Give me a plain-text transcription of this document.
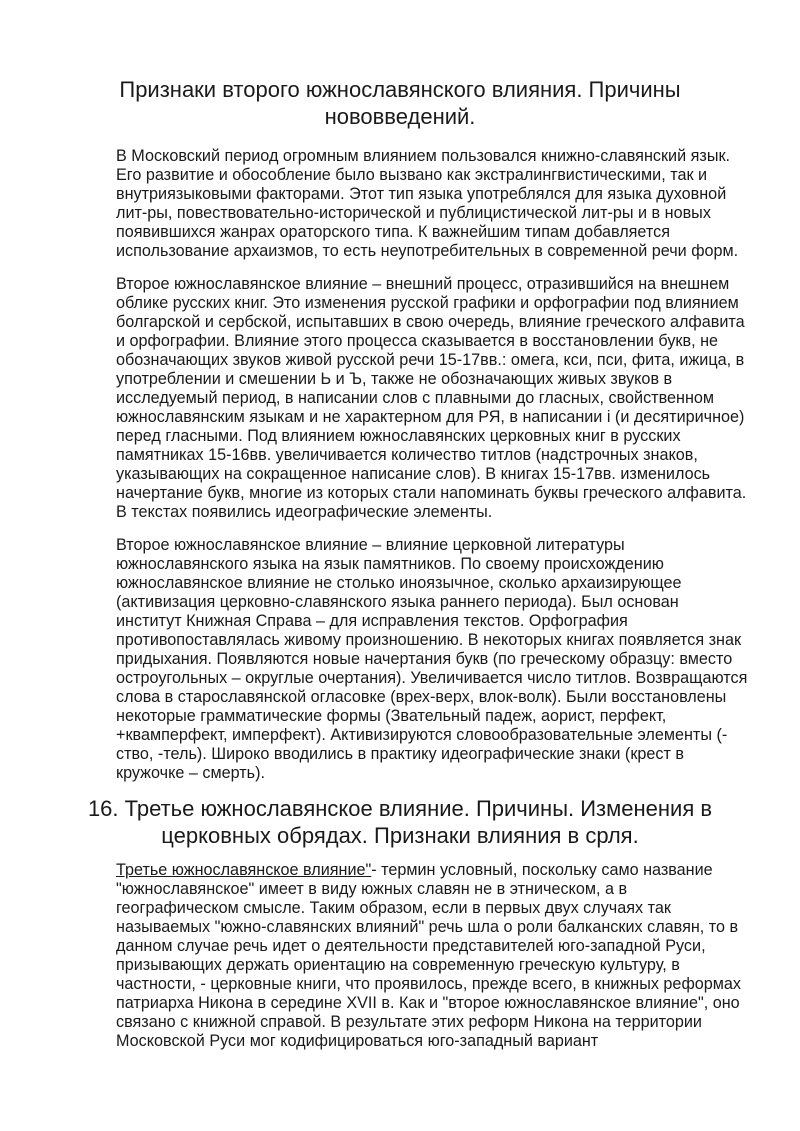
Признаки второго южнославянского влияния. Причины нововведений.

В Московский период огромным влиянием пользовался книжно-славянский язык. Его развитие и обособление было вызвано как экстралингвистическими, так и внутриязыковыми факторами. Этот тип языка употреблялся для языка духовной лит-ры, повествовательно-исторической и публицистической лит-ры и в новых появившихся жанрах ораторского типа. К важнейшим типам добавляется использование архаизмов, то есть неупотребительных в современной речи форм.

Второе южнославянское влияние – внешний процесс, отразившийся на внешнем облике русских книг. Это изменения русской графики и орфографии под влиянием болгарской и сербской, испытавших в свою очередь, влияние греческого алфавита и орфографии. Влияние этого процесса сказывается в восстановлении букв, не обозначающих звуков живой русской речи 15-17вв.: омега, кси, пси, фита, ижица, в употреблении и смешении Ь и Ъ, также не обозначающих живых звуков в исследуемый период, в написании слов с плавными до гласных, свойственном южнославянским языкам и не характерном для РЯ, в написании i (и десятиричное) перед гласными. Под влиянием южнославянских церковных книг в русских памятниках 15-16вв. увеличивается количество титлов (надстрочных знаков, указывающих на сокращенное написание слов). В книгах 15-17вв. изменилось начертание букв, многие из которых стали напоминать буквы греческого алфавита. В текстах появились идеографические элементы.

Второе южнославянское влияние – влияние церковной литературы южнославянского языка на язык памятников. По своему происхождению южнославянское влияние не столько иноязычное, сколько архаизирующее (активизация церковно-славянского языка раннего периода). Был основан институт Книжная Справа – для исправления текстов. Орфография противопоставлялась живому произношению. В некоторых книгах появляется знак придыхания. Появляются новые начертания букв (по греческому образцу: вместо остроугольных – округлые очертания). Увеличивается число титлов. Возвращаются слова в старославянской огласовке (врех-верх, влок-волк). Были восстановлены некоторые грамматические формы (Звательный падеж, аорист, перфект, +квамперфект, имперфект). Активизируются словообразовательные элементы (-ство, -тель). Широко вводились в практику идеографические знаки (крест в кружочке – смерть).

16. Третье южнославянское влияние. Причины. Изменения в церковных обрядах. Признаки влияния в срля.

Третье южнославянское влияние"- термин условный, поскольку само название "южнославянское" имеет в виду южных славян не в этническом, а в географическом смысле. Таким образом, если в первых двух случаях так называемых "южно-славянских влияний" речь шла о роли балканских славян, то в данном случае речь идет о деятельности представителей юго-западной Руси, призывающих держать ориентацию на современную греческую культуру, в частности, - церковные книги, что проявилось, прежде всего, в книжных реформах патриарха Никона в середине XVII в. Как и "второе южнославянское влияние", оно связано с книжной справой. В результате этих реформ Никона на территории Московской Руси мог кодифицироваться юго-западный вариант
